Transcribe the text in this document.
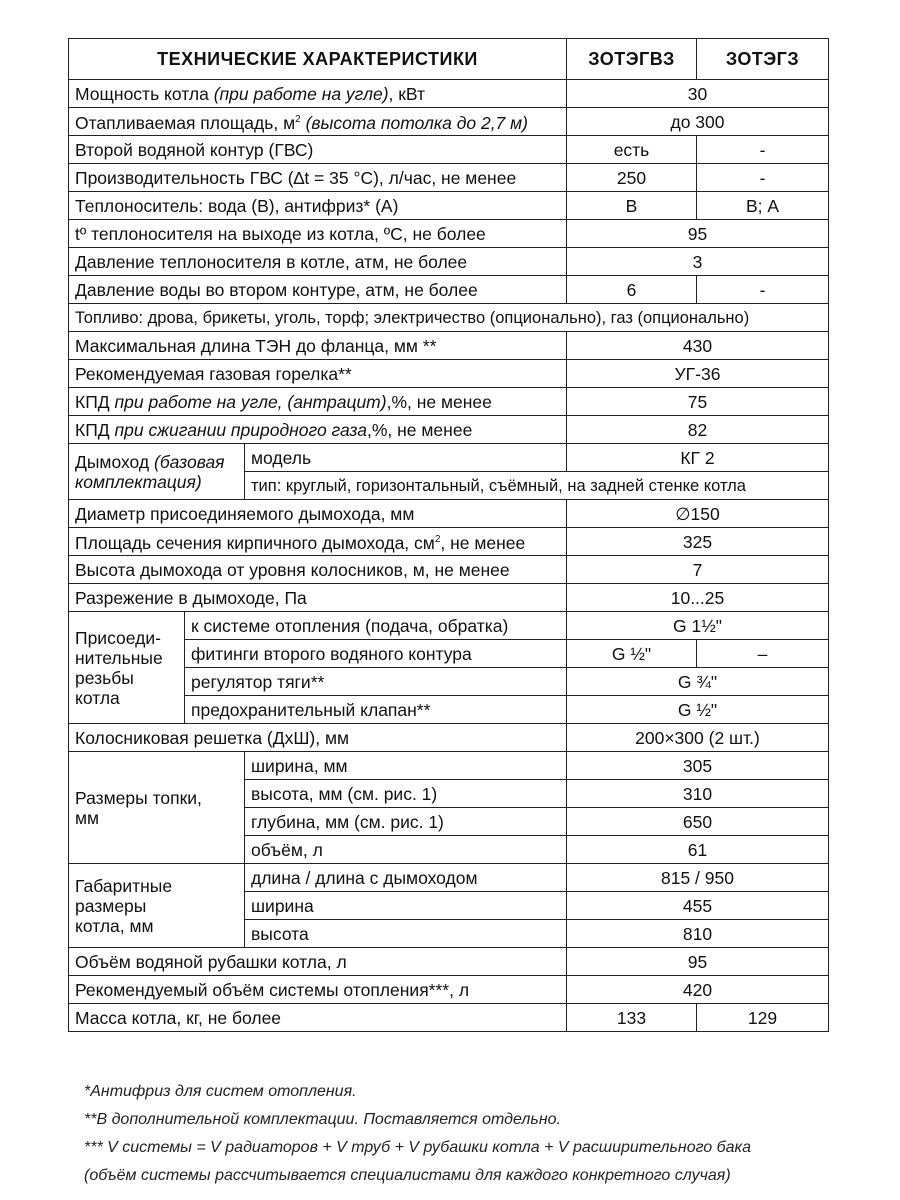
ТЕХНИЧЕСКИЕ ХАРАКТЕРИСТИКИ			ЗОТЭГВЗ	ЗОТЭГЗ
Мощность котла (при работе на угле), кВт			30	
Отапливаемая площадь, $м^2$ (высота потолка до 2,7 м)			до 300	
Второй водяной контур (ГВС)			есть	-
Производительность ГВС (∆t = 35 °С), л/час, не менее			250	-
Теплоноситель: вода (В), антифриз* (А)			В	В; А
tº теплоносителя на выходе из котла, ºС, не более			95	
Давление теплоносителя в котле, атм, не более			3	
Давление воды во втором контуре, атм, не более			6	-
Топливо: дрова, брикеты, уголь, торф; электричество (опционально), газ (опционально)				
Максимальная длина ТЭН до фланца, мм **			430	
Рекомендуемая газовая горелка**			УГ-36	
КПД при работе на угле, (антрацит),%, не менее			75	
КПД при сжигании природного газа,%, не менее			82	
Дымоход (базовая комплектация)		модель	КГ 2	
		тип: круглый, горизонтальный, съёмный, на задней стенке котла		
Диаметр присоединяемого дымохода, мм			∅150	
Площадь сечения кирпичного дымохода, $см^2$, не менее			325	
Высота дымохода от уровня колосников, м, не менее			7	
Разрежение в дымоходе, Па			10...25	
Присоеди-нительные резьбы котла	к системе отопления (подача, обратка)		G 1½"	
	фитинги второго водяного контура		G ½"	–
	регулятор тяги**		G ¾"	
	предохранительный клапан**		G ½"	
Колосниковая решетка (ДхШ), мм			200×300 (2 шт.)	
Размеры топки, мм		ширина, мм	305	
		высота, мм (см. рис. 1)	310	
		глубина, мм (см. рис. 1)	650	
		объём, л	61	
Габаритные размеры котла, мм		длина / длина с дымоходом	815 / 950	
		ширина	455	
		высота	810	
Объём водяной рубашки котла, л			95	
Рекомендуемый объём системы отопления***, л			420	
Масса котла, кг, не более			133	129
*Антифриз для систем отопления.
**В дополнительной комплектации. Поставляется отдельно.
*** V системы = V радиаторов + V труб + V рубашки котла + V расширительного бака
(объём системы рассчитывается специалистами для каждого конкретного случая)
